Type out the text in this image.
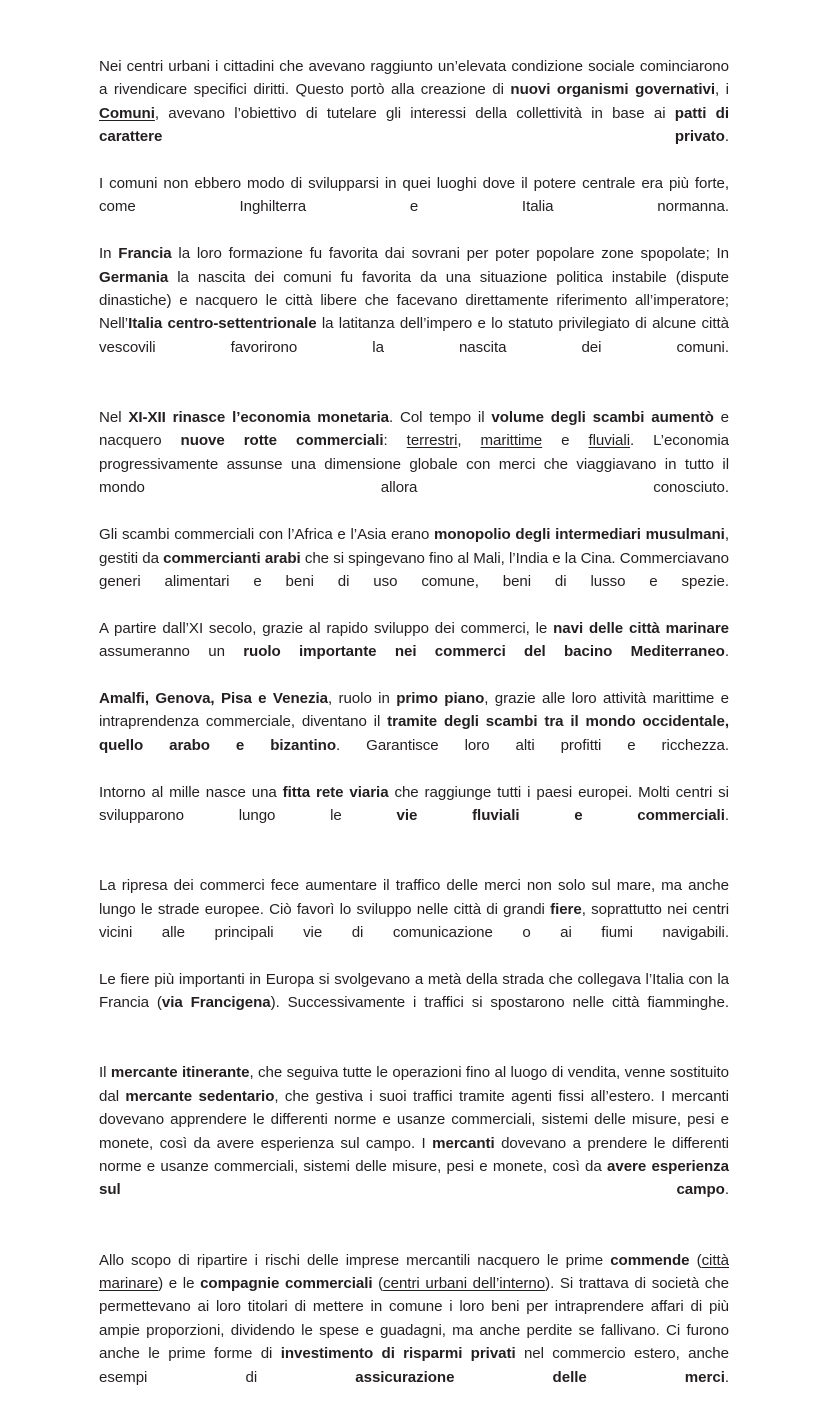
Nei centri urbani i cittadini che avevano raggiunto un’elevata condizione sociale cominciarono a rivendicare specifici diritti. Questo portò alla creazione di nuovi organismi governativi, i Comuni, avevano l’obiettivo di tutelare gli interessi della collettività in base ai patti di carattere privato.

I comuni non ebbero modo di svilupparsi in quei luoghi dove il potere centrale era più forte, come Inghilterra e Italia normanna.

In Francia la loro formazione fu favorita dai sovrani per poter popolare zone spopolate; In Germania la nascita dei comuni fu favorita da una situazione politica instabile (dispute dinastiche) e nacquero le città libere che facevano direttamente riferimento all’imperatore; Nell’Italia centro-settentrionale la latitanza dell’impero e lo statuto privilegiato di alcune città vescovili favorirono la nascita dei comuni.

Nel XI-XII rinasce l’economia monetaria. Col tempo il volume degli scambi aumentò e nacquero nuove rotte commerciali: terrestri, marittime e fluviali. L’economia progressivamente assunse una dimensione globale con merci che viaggiavano in tutto il mondo allora conosciuto.

Gli scambi commerciali con l’Africa e l’Asia erano monopolio degli intermediari musulmani, gestiti da commercianti arabi che si spingevano fino al Mali, l’India e la Cina. Commerciavano generi alimentari e beni di uso comune, beni di lusso e spezie.

A partire dall’XI secolo, grazie al rapido sviluppo dei commerci, le navi delle città marinare assumeranno un ruolo importante nei commerci del bacino Mediterraneo.

Amalfi, Genova, Pisa e Venezia, ruolo in primo piano, grazie alle loro attività marittime e intraprendenza commerciale, diventano il tramite degli scambi tra il mondo occidentale, quello arabo e bizantino. Garantisce loro alti profitti e ricchezza.

Intorno al mille nasce una fitta rete viaria che raggiunge tutti i paesi europei. Molti centri si svilupparono lungo le vie fluviali e commerciali.

La ripresa dei commerci fece aumentare il traffico delle merci non solo sul mare, ma anche lungo le strade europee. Ciò favorì lo sviluppo nelle città di grandi fiere, soprattutto nei centri vicini alle principali vie di comunicazione o ai fiumi navigabili.

Le fiere più importanti in Europa si svolgevano a metà della strada che collegava l’Italia con la Francia (via Francigena). Successivamente i traffici si spostarono nelle città fiamminghe.

Il mercante itinerante, che seguiva tutte le operazioni fino al luogo di vendita, venne sostituito dal mercante sedentario, che gestiva i suoi traffici tramite agenti fissi all’estero. I mercanti dovevano apprendere le differenti norme e usanze commerciali, sistemi delle misure, pesi e monete, così da avere esperienza sul campo. I mercanti dovevano a prendere le differenti norme e usanze commerciali, sistemi delle misure, pesi e monete, così da avere esperienza sul campo.

Allo scopo di ripartire i rischi delle imprese mercantili nacquero le prime commende (città marinare) e le compagnie commerciali (centri urbani dell’interno). Si trattava di società che permettevano ai loro titolari di mettere in comune i loro beni per intraprendere affari di più ampie proporzioni, dividendo le spese e guadagni, ma anche perdite se fallivano. Ci furono anche le prime forme di investimento di risparmi privati nel commercio estero, anche esempi di assicurazione delle merci.
